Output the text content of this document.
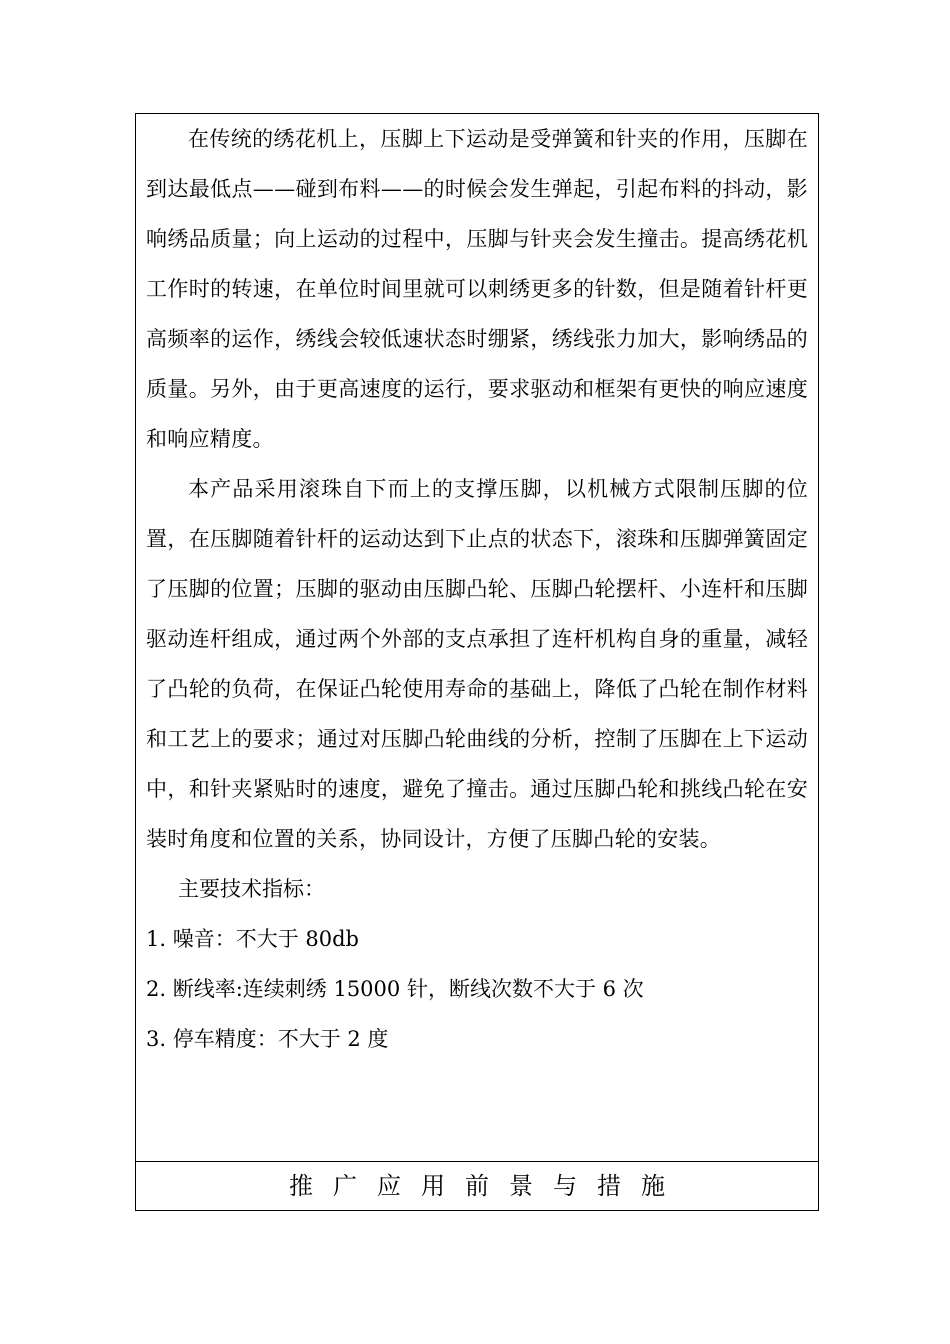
在传统的绣花机上，压脚上下运动是受弹簧和针夹的作用，压脚在到达最低点——碰到布料——的时候会发生弹起，引起布料的抖动，影响绣品质量；向上运动的过程中，压脚与针夹会发生撞击。提高绣花机工作时的转速，在单位时间里就可以刺绣更多的针数，但是随着针杆更高频率的运作，绣线会较低速状态时绷紧，绣线张力加大，影响绣品的质量。另外，由于更高速度的运行，要求驱动和框架有更快的响应速度和响应精度。

本产品采用滚珠自下而上的支撑压脚，以机械方式限制压脚的位置，在压脚随着针杆的运动达到下止点的状态下，滚珠和压脚弹簧固定了压脚的位置；压脚的驱动由压脚凸轮、压脚凸轮摆杆、小连杆和压脚驱动连杆组成，通过两个外部的支点承担了连杆机构自身的重量，减轻了凸轮的负荷，在保证凸轮使用寿命的基础上，降低了凸轮在制作材料和工艺上的要求；通过对压脚凸轮曲线的分析，控制了压脚在上下运动中，和针夹紧贴时的速度，避免了撞击。通过压脚凸轮和挑线凸轮在安装时角度和位置的关系，协同设计，方便了压脚凸轮的安装。

主要技术指标：

1. 噪音：不大于 80db

2. 断线率:连续刺绣 15000 针，断线次数不大于 6 次

3. 停车精度：不大于 2 度

推广应用前景与措施
